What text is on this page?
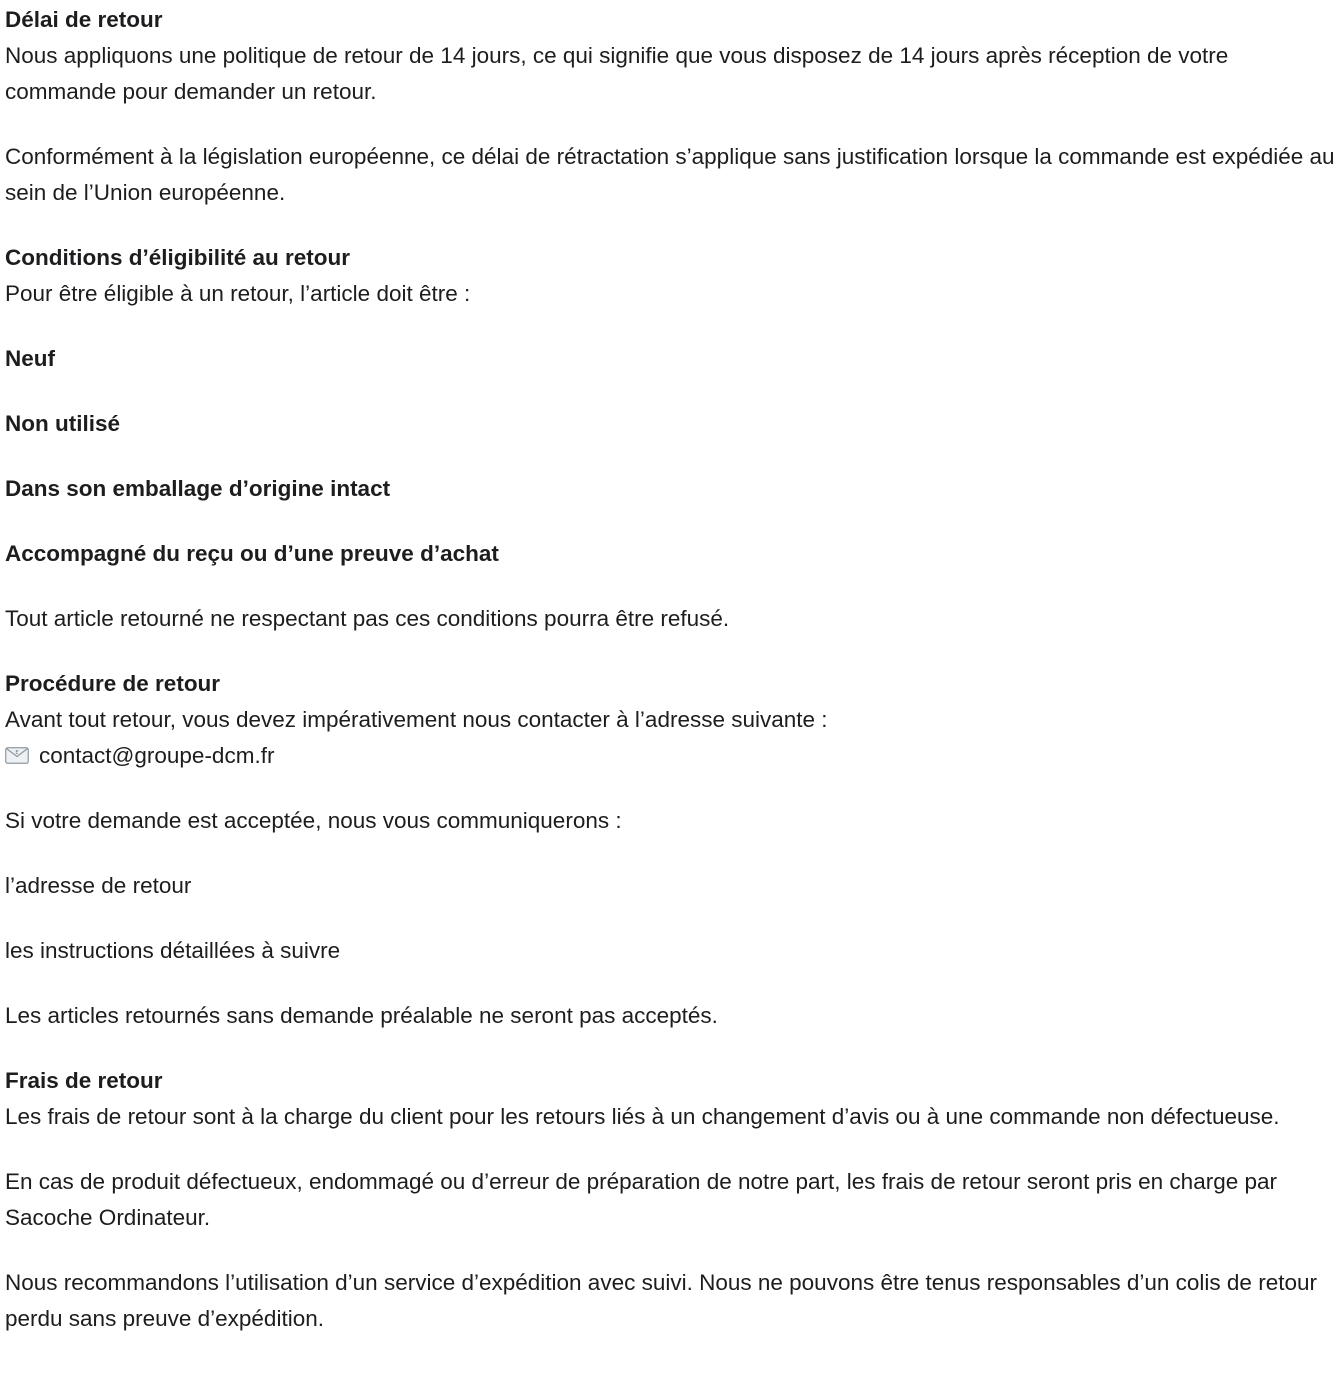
Délai de retour
Nous appliquons une politique de retour de 14 jours, ce qui signifie que vous disposez de 14 jours après réception de votre commande pour demander un retour.
Conformément à la législation européenne, ce délai de rétractation s’applique sans justification lorsque la commande est expédiée au sein de l’Union européenne.
Conditions d’éligibilité au retour
Pour être éligible à un retour, l’article doit être :
Neuf
Non utilisé
Dans son emballage d’origine intact
Accompagné du reçu ou d’une preuve d’achat
Tout article retourné ne respectant pas ces conditions pourra être refusé.
Procédure de retour
Avant tout retour, vous devez impérativement nous contacter à l’adresse suivante :
E contact@groupe-dcm.fr
Si votre demande est acceptée, nous vous communiquerons :
l’adresse de retour
les instructions détaillées à suivre
Les articles retournés sans demande préalable ne seront pas acceptés.
Frais de retour
Les frais de retour sont à la charge du client pour les retours liés à un changement d’avis ou à une commande non défectueuse.
En cas de produit défectueux, endommagé ou d’erreur de préparation de notre part, les frais de retour seront pris en charge par Sacoche Ordinateur.
Nous recommandons l’utilisation d’un service d’expédition avec suivi. Nous ne pouvons être tenus responsables d’un colis de retour perdu sans preuve d’expédition.
